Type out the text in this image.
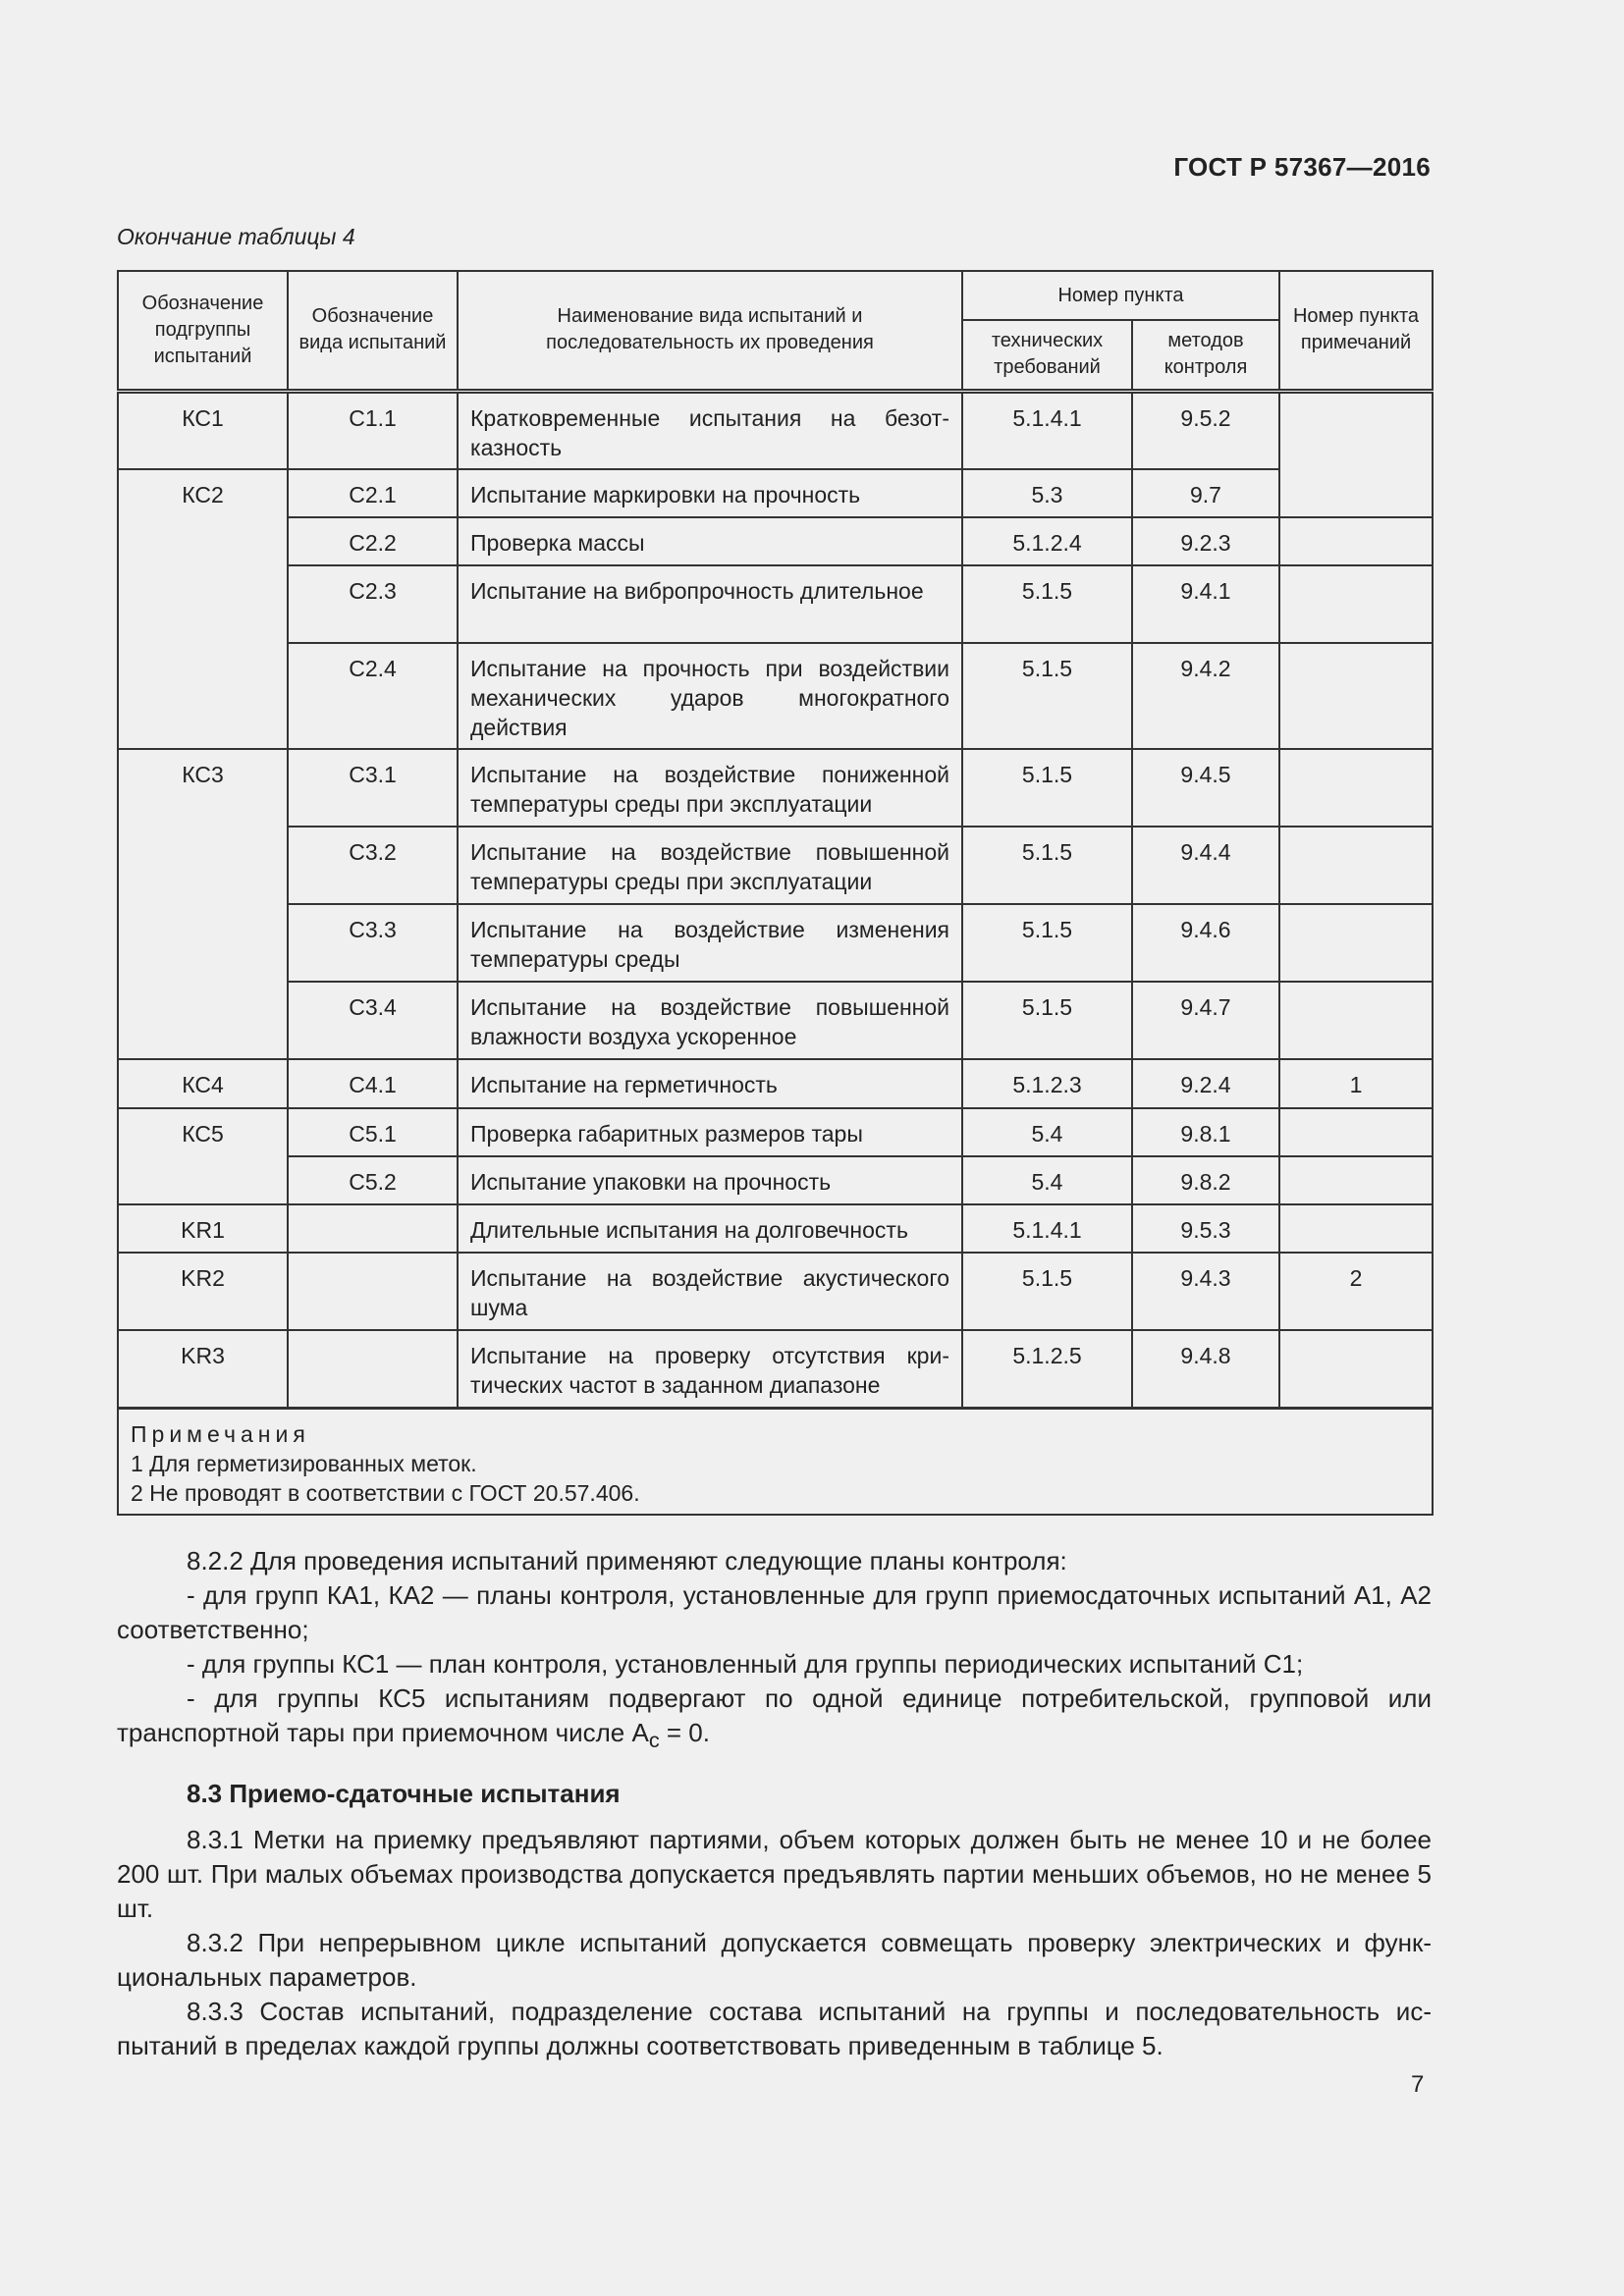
ГОСТ Р 57367—2016
Окончание таблицы 4
Обозначение подгруппы испытаний	Обозначение вида испытаний	Наименование вида испытаний и последовательность их проведения	Номер пункта		Номер пункта примечаний
			технических требований	методов контроля	
КС1	С1.1	Кратковременные испытания на безотказность	5.1.4.1	9.5.2	
КС2	С2.1	Испытание маркировки на прочность	5.3	9.7	
	С2.2	Проверка массы	5.1.2.4	9.2.3	
	С2.3	Испытание на вибропрочность длительное	5.1.5	9.4.1	
	С2.4	Испытание на прочность при воздействии механических ударов многократного действия	5.1.5	9.4.2	
КС3	С3.1	Испытание на воздействие пониженной температуры среды при эксплуатации	5.1.5	9.4.5	
	С3.2	Испытание на воздействие повышенной температуры среды при эксплуатации	5.1.5	9.4.4	
	С3.3	Испытание на воздействие изменения температуры среды	5.1.5	9.4.6	
	С3.4	Испытание на воздействие повышенной влажности воздуха ускоренное	5.1.5	9.4.7	
КС4	С4.1	Испытание на герметичность	5.1.2.3	9.2.4	1
КС5	С5.1	Проверка габаритных размеров тары	5.4	9.8.1	
	С5.2	Испытание упаковки на прочность	5.4	9.8.2	
KR1		Длительные испытания на долговечность	5.1.4.1	9.5.3	
KR2		Испытание на воздействие акустического шума	5.1.5	9.4.3	2
KR3		Испытание на проверку отсутствия критических частот в заданном диапазоне	5.1.2.5	9.4.8	

Примечания
1 Для герметизированных меток.
2 Не проводят в соответствии с ГОСТ 20.57.406.					

8.2.2 Для проведения испытаний применяют следующие планы контроля:

- для групп КА1, КА2 — планы контроля, установленные для групп приемосдаточных испытаний А1, А2 соответственно;

- для группы КС1 — план контроля, установленный для группы периодических испытаний С1;

- для группы КС5 испытаниям подвергают по одной единице потребительской, групповой или транспортной тары при приемочном числе $A_c = 0$.

8.3 Приемо-сдаточные испытания

8.3.1 Метки на приемку предъявляют партиями, объем которых должен быть не менее 10 и не более 200 шт. При малых объемах производства допускается предъявлять партии меньших объемов, но не менее 5 шт.

8.3.2 При непрерывном цикле испытаний допускается совмещать проверку электрических и функциональных параметров.

8.3.3 Состав испытаний, подразделение состава испытаний на группы и последовательность испытаний в пределах каждой группы должны соответствовать приведенным в таблице 5.

7
